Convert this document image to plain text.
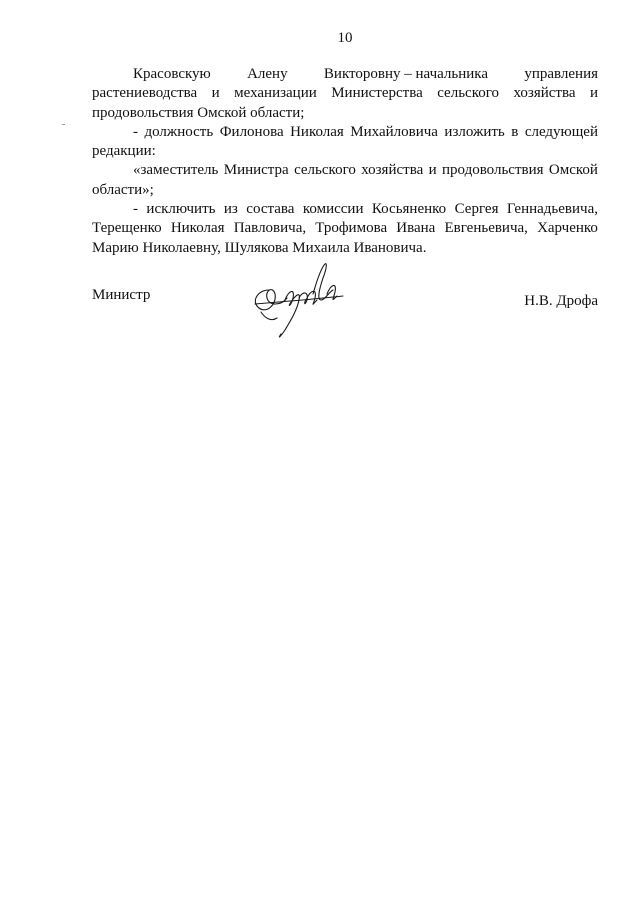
10

Красовскую Алену Викторовну – начальника управления
растениеводства и механизации Министерства сельского хозяйства и
продовольствия Омской области;

- должность Филонова Николая Михайловича изложить в следующей
редакции:

«заместитель Министра сельского хозяйства и продовольствия Омской
области»;

- исключить из состава комиссии Косьяненко Сергея Геннадьевича,
Терещенко Николая Павловича, Трофимова Ивана Евгеньевича, Харченко
Марию Николаевну, Шулякова Михаила Ивановича.

Министр	Н.В. Дрофа
